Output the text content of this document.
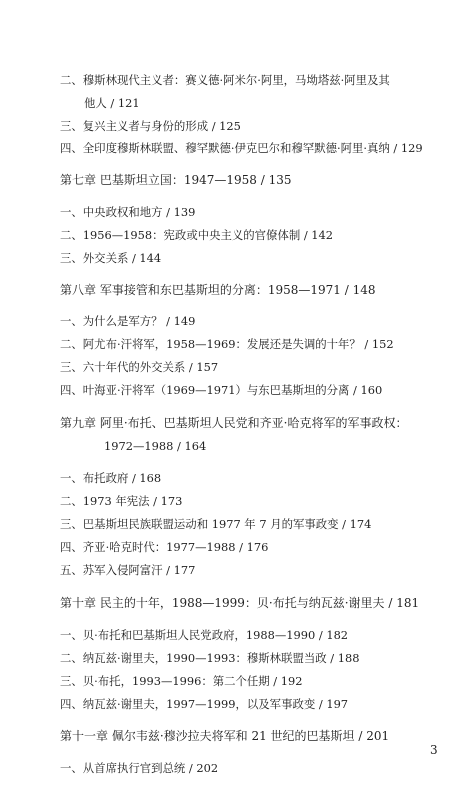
二、穆斯林现代主义者：赛义德·阿米尔·阿里，马坳塔兹·阿里及其
他人 / 121
三、复兴主义者与身份的形成 / 125
四、全印度穆斯林联盟、穆罕默德·伊克巴尔和穆罕默德·阿里·真纳 / 129
第七章 巴基斯坦立国：1947—1958 / 135
一、中央政权和地方 / 139
二、1956—1958：宪政或中央主义的官僚体制 / 142
三、外交关系 / 144
第八章 军事接管和东巴基斯坦的分离：1958—1971 / 148
一、为什么是军方？ / 149
二、阿尤布·汗将军，1958—1969：发展还是失调的十年？ / 152
三、六十年代的外交关系 / 157
四、叶海亚·汗将军（1969—1971）与东巴基斯坦的分离 / 160
第九章 阿里·布托、巴基斯坦人民党和齐亚·哈克将军的军事政权：
1972—1988 / 164
一、布托政府 / 168
二、1973 年宪法 / 173
三、巴基斯坦民族联盟运动和 1977 年 7 月的军事政变 / 174
四、齐亚·哈克时代：1977—1988 / 176
五、苏军入侵阿富汗 / 177
第十章 民主的十年，1988—1999：贝·布托与纳瓦兹·谢里夫 / 181
一、贝·布托和巴基斯坦人民党政府，1988—1990 / 182
二、纳瓦兹·谢里夫，1990—1993：穆斯林联盟当政 / 188
三、贝·布托，1993—1996：第二个任期 / 192
四、纳瓦兹·谢里夫，1997—1999，以及军事政变 / 197
第十一章 佩尔韦兹·穆沙拉夫将军和 21 世纪的巴基斯坦 / 201
一、从首席执行官到总统 / 202
3
